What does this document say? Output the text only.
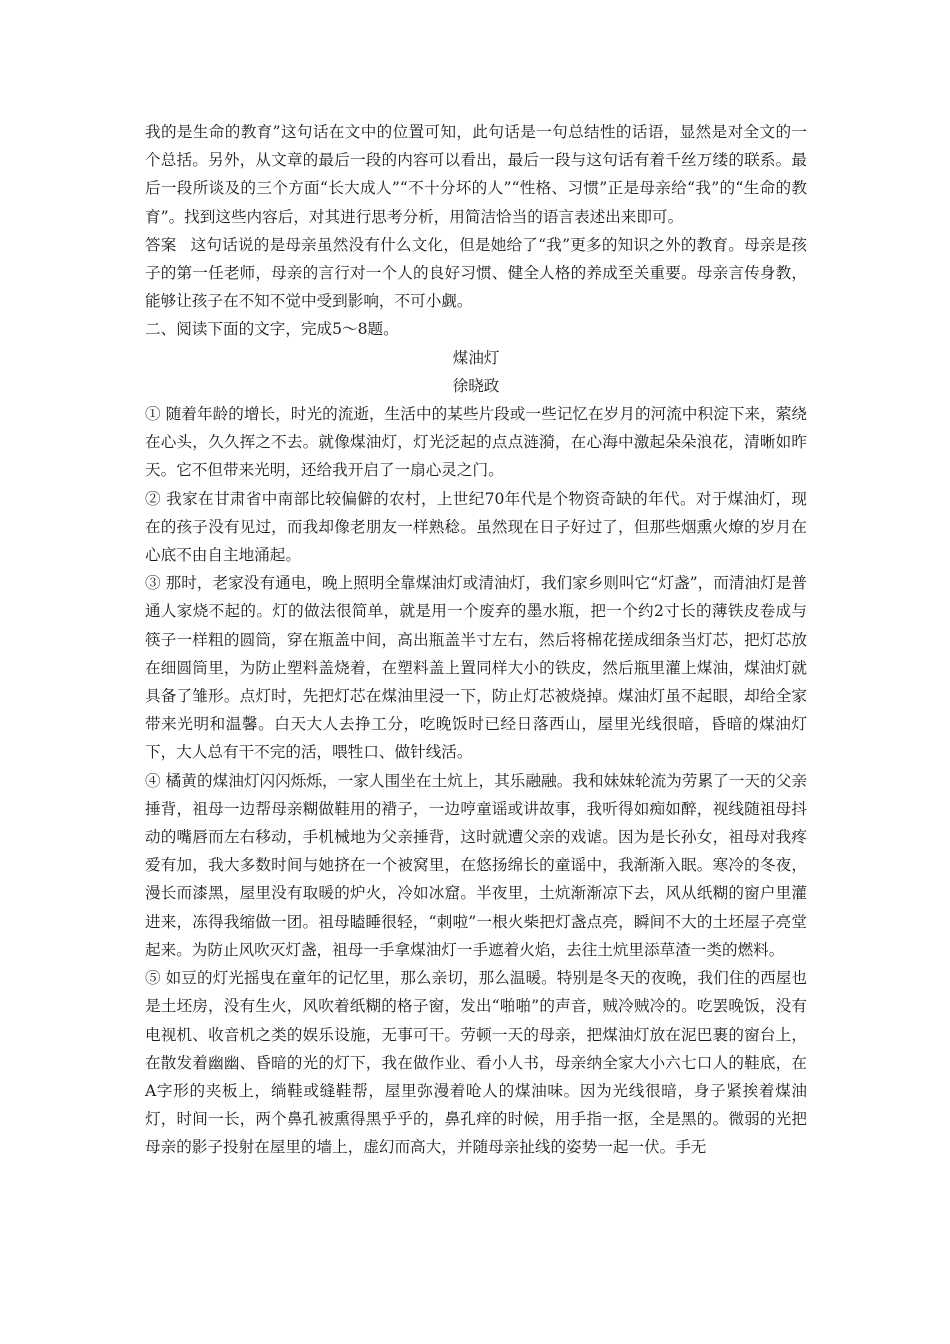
我的是生命的教育”这句话在文中的位置可知，此句话是一句总结性的话语，显然是对全文的一个总括。另外，从文章的最后一段的内容可以看出，最后一段与这句话有着千丝万缕的联系。最后一段所谈及的三个方面“长大成人”“不十分坏的人”“性格、习惯”正是母亲给“我”的“生命的教育”。找到这些内容后，对其进行思考分析，用简洁恰当的语言表述出来即可。

答案 这句话说的是母亲虽然没有什么文化，但是她给了“我”更多的知识之外的教育。母亲是孩子的第一任老师，母亲的言行对一个人的良好习惯、健全人格的养成至关重要。母亲言传身教，能够让孩子在不知不觉中受到影响，不可小觑。

二、阅读下面的文字，完成5～8题。

煤油灯

徐晓政

① 随着年龄的增长，时光的流逝，生活中的某些片段或一些记忆在岁月的河流中积淀下来，萦绕在心头，久久挥之不去。就像煤油灯，灯光泛起的点点涟漪，在心海中激起朵朵浪花，清晰如昨天。它不但带来光明，还给我开启了一扇心灵之门。

② 我家在甘肃省中南部比较偏僻的农村，上世纪70年代是个物资奇缺的年代。对于煤油灯，现在的孩子没有见过，而我却像老朋友一样熟稔。虽然现在日子好过了，但那些烟熏火燎的岁月在心底不由自主地涌起。

③ 那时，老家没有通电，晚上照明全靠煤油灯或清油灯，我们家乡则叫它“灯盏”，而清油灯是普通人家烧不起的。灯的做法很简单，就是用一个废弃的墨水瓶，把一个约2寸长的薄铁皮卷成与筷子一样粗的圆筒，穿在瓶盖中间，高出瓶盖半寸左右，然后将棉花搓成细条当灯芯，把灯芯放在细圆筒里，为防止塑料盖烧着，在塑料盖上置同样大小的铁皮，然后瓶里灌上煤油，煤油灯就具备了雏形。点灯时，先把灯芯在煤油里浸一下，防止灯芯被烧掉。煤油灯虽不起眼，却给全家带来光明和温馨。白天大人去挣工分，吃晚饭时已经日落西山，屋里光线很暗，昏暗的煤油灯下，大人总有干不完的活，喂牲口、做针线活。

④ 橘黄的煤油灯闪闪烁烁，一家人围坐在土炕上，其乐融融。我和妹妹轮流为劳累了一天的父亲捶背，祖母一边帮母亲糊做鞋用的褙子，一边哼童谣或讲故事，我听得如痴如醉，视线随祖母抖动的嘴唇而左右移动，手机械地为父亲捶背，这时就遭父亲的戏谑。因为是长孙女，祖母对我疼爱有加，我大多数时间与她挤在一个被窝里，在悠扬绵长的童谣中，我渐渐入眠。寒冷的冬夜，漫长而漆黑，屋里没有取暖的炉火，冷如冰窟。半夜里，土炕渐渐凉下去，风从纸糊的窗户里灌进来，冻得我缩做一团。祖母瞌睡很轻，“刺啦”一根火柴把灯盏点亮，瞬间不大的土坯屋子亮堂起来。为防止风吹灭灯盏，祖母一手拿煤油灯一手遮着火焰，去往土炕里添草渣一类的燃料。

⑤ 如豆的灯光摇曳在童年的记忆里，那么亲切，那么温暖。特别是冬天的夜晚，我们住的西屋也是土坯房，没有生火，风吹着纸糊的格子窗，发出“啪啪”的声音，贼冷贼冷的。吃罢晚饭，没有电视机、收音机之类的娱乐设施，无事可干。劳顿一天的母亲，把煤油灯放在泥巴裹的窗台上，在散发着幽幽、昏暗的光的灯下，我在做作业、看小人书，母亲纳全家大小六七口人的鞋底，在A字形的夹板上，绱鞋或缝鞋帮，屋里弥漫着呛人的煤油味。因为光线很暗，身子紧挨着煤油灯，时间一长，两个鼻孔被熏得黑乎乎的，鼻孔痒的时候，用手指一抠，全是黑的。微弱的光把母亲的影子投射在屋里的墙上，虚幻而高大，并随母亲扯线的姿势一起一伏。手无
